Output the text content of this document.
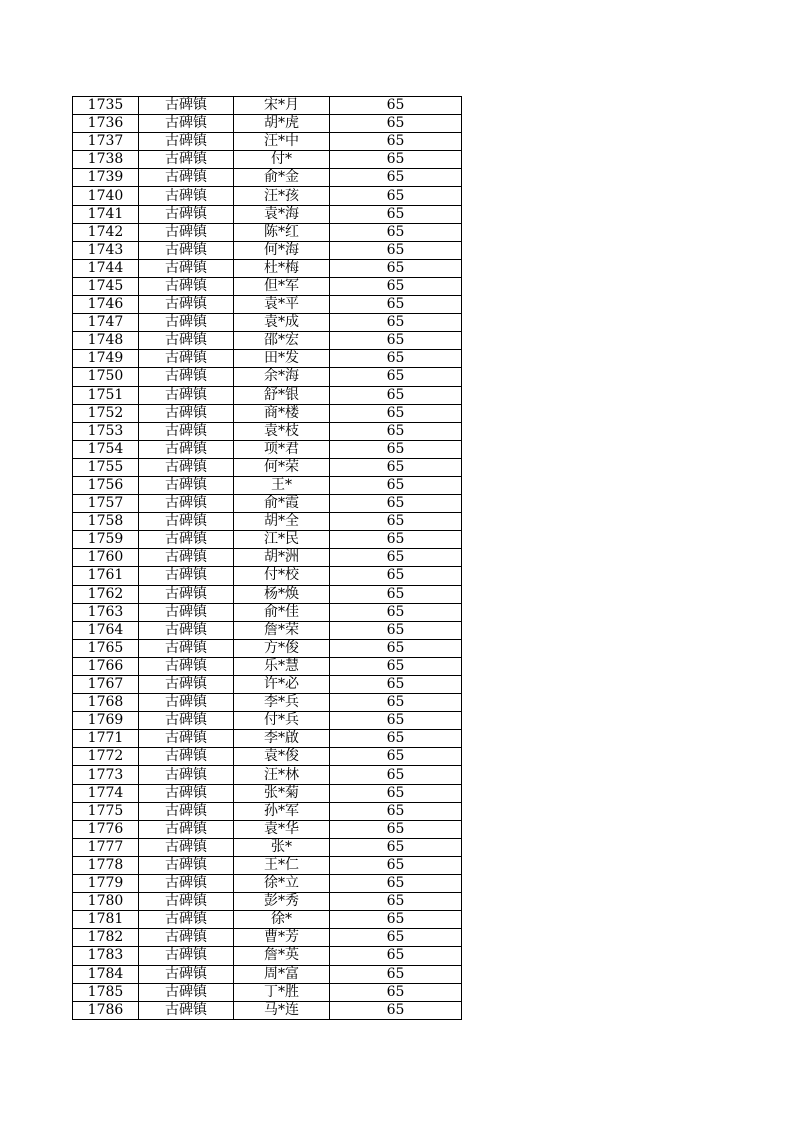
1735	古碑镇	宋*月	65
1736	古碑镇	胡*虎	65
1737	古碑镇	汪*中	65
1738	古碑镇	付*	65
1739	古碑镇	俞*金	65
1740	古碑镇	汪*孩	65
1741	古碑镇	袁*海	65
1742	古碑镇	陈*红	65
1743	古碑镇	何*海	65
1744	古碑镇	杜*梅	65
1745	古碑镇	但*军	65
1746	古碑镇	袁*平	65
1747	古碑镇	袁*成	65
1748	古碑镇	邵*宏	65
1749	古碑镇	田*发	65
1750	古碑镇	余*海	65
1751	古碑镇	舒*银	65
1752	古碑镇	商*楼	65
1753	古碑镇	袁*枝	65
1754	古碑镇	项*君	65
1755	古碑镇	何*荣	65
1756	古碑镇	王*	65
1757	古碑镇	俞*霞	65
1758	古碑镇	胡*全	65
1759	古碑镇	江*民	65
1760	古碑镇	胡*洲	65
1761	古碑镇	付*校	65
1762	古碑镇	杨*焕	65
1763	古碑镇	俞*佳	65
1764	古碑镇	詹*荣	65
1765	古碑镇	方*俊	65
1766	古碑镇	乐*慧	65
1767	古碑镇	许*必	65
1768	古碑镇	李*兵	65
1769	古碑镇	付*兵	65
1771	古碑镇	李*啟	65
1772	古碑镇	袁*俊	65
1773	古碑镇	汪*林	65
1774	古碑镇	张*菊	65
1775	古碑镇	孙*军	65
1776	古碑镇	袁*华	65
1777	古碑镇	张*	65
1778	古碑镇	王*仁	65
1779	古碑镇	徐*立	65
1780	古碑镇	彭*秀	65
1781	古碑镇	徐*	65
1782	古碑镇	曹*芳	65
1783	古碑镇	詹*英	65
1784	古碑镇	周*富	65
1785	古碑镇	丁*胜	65
1786	古碑镇	马*连	65
